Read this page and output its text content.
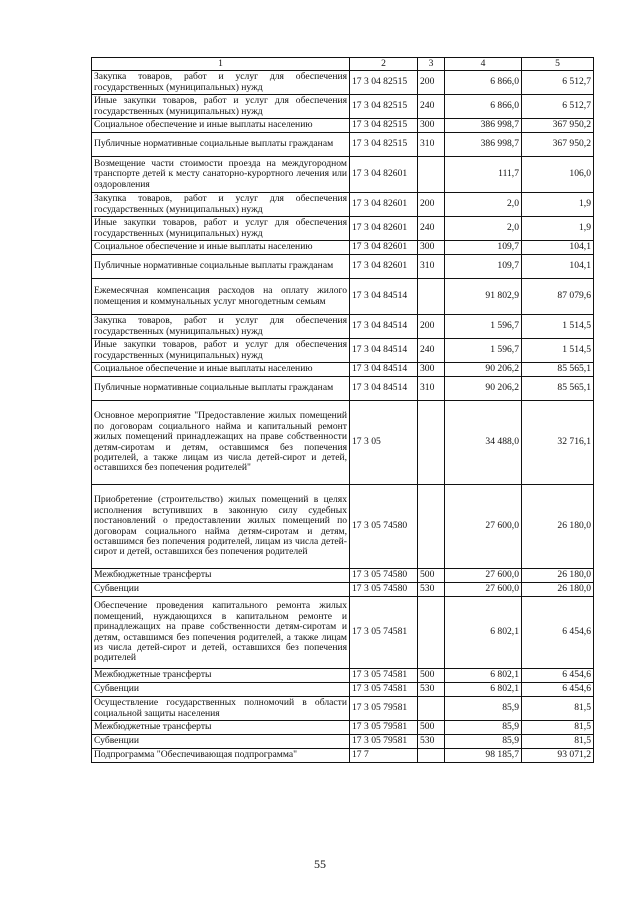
1	2	3	4	5
Закупка товаров, работ и услуг для обеспечения государственных (муниципальных) нужд	17 3 04 82515	200	6 866,0	6 512,7
Иные закупки товаров, работ и услуг для обеспечения государственных (муниципальных) нужд	17 3 04 82515	240	6 866,0	6 512,7
Социальное обеспечение и иные выплаты населению	17 3 04 82515	300	386 998,7	367 950,2
Публичные нормативные социальные выплаты гражданам	17 3 04 82515	310	386 998,7	367 950,2
Возмещение части стоимости проезда на междугородном транспорте детей к месту санаторно-курортного лечения или оздоровления	17 3 04 82601		111,7	106,0
Закупка товаров, работ и услуг для обеспечения государственных (муниципальных) нужд	17 3 04 82601	200	2,0	1,9
Иные закупки товаров, работ и услуг для обеспечения государственных (муниципальных) нужд	17 3 04 82601	240	2,0	1,9
Социальное обеспечение и иные выплаты населению	17 3 04 82601	300	109,7	104,1
Публичные нормативные социальные выплаты гражданам	17 3 04 82601	310	109,7	104,1
Ежемесячная компенсация расходов на оплату жилого помещения и коммунальных услуг многодетным семьям	17 3 04 84514		91 802,9	87 079,6
Закупка товаров, работ и услуг для обеспечения государственных (муниципальных) нужд	17 3 04 84514	200	1 596,7	1 514,5
Иные закупки товаров, работ и услуг для обеспечения государственных (муниципальных) нужд	17 3 04 84514	240	1 596,7	1 514,5
Социальное обеспечение и иные выплаты населению	17 3 04 84514	300	90 206,2	85 565,1
Публичные нормативные социальные выплаты гражданам	17 3 04 84514	310	90 206,2	85 565,1
Основное мероприятие "Предоставление жилых помещений по договорам социального найма и капитальный ремонт жилых помещений принадлежащих на праве собственности детям-сиротам и детям, оставшимся без попечения родителей, а также лицам из числа детей-сирот и детей, оставшихся без попечения родителей"	17 3 05		34 488,0	32 716,1
Приобретение (строительство) жилых помещений в целях исполнения вступивших в законную силу судебных постановлений о предоставлении жилых помещений по договорам социального найма детям-сиротам и детям, оставшимся без попечения родителей, лицам из числа детей-сирот и детей, оставшихся без попечения родителей	17 3 05 74580		27 600,0	26 180,0
Межбюджетные трансферты	17 3 05 74580	500	27 600,0	26 180,0
Субвенции	17 3 05 74580	530	27 600,0	26 180,0
Обеспечение проведения капитального ремонта жилых помещений, нуждающихся в капитальном ремонте и принадлежащих на праве собственности детям-сиротам и детям, оставшимся без попечения родителей, а также лицам из числа детей-сирот и детей, оставшихся без попечения родителей	17 3 05 74581		6 802,1	6 454,6
Межбюджетные трансферты	17 3 05 74581	500	6 802,1	6 454,6
Субвенции	17 3 05 74581	530	6 802,1	6 454,6
Осуществление государственных полномочий в области социальной защиты населения	17 3 05 79581		85,9	81,5
Межбюджетные трансферты	17 3 05 79581	500	85,9	81,5
Субвенции	17 3 05 79581	530	85,9	81,5
Подпрограмма "Обеспечивающая подпрограмма"	17 7		98 185,7	93 071,2
55
